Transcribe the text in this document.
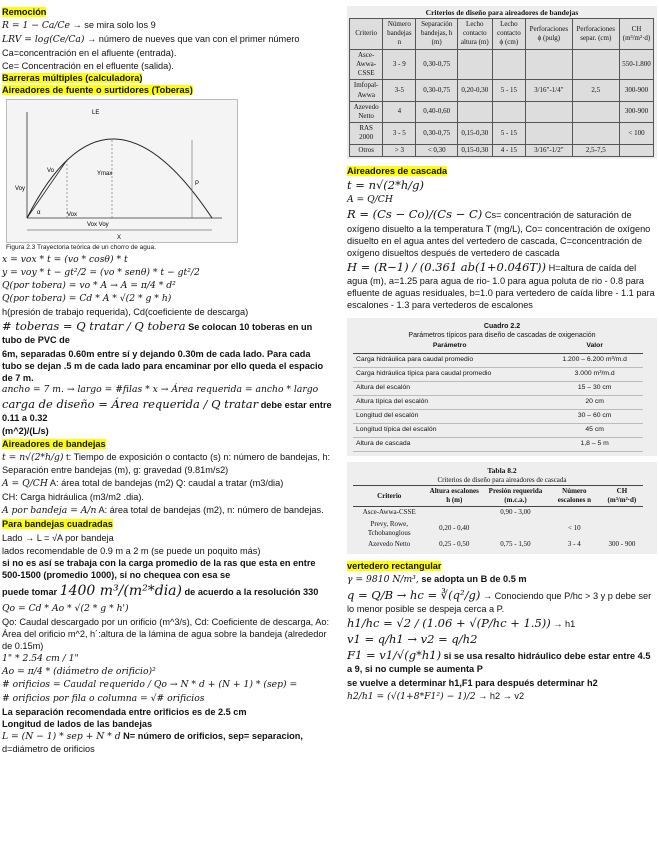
Remoción

R = 1 − Ca/Ce → se mira solo los 9

LRV = log(Ce/Ca) → número de nueves que van con el primer número

Ca=concentración en el afluente (entrada).

Ce= Concentración en el efluente (salida).

Barreras múltiples (calculadora)

Aireadores de fuente o surtidores (Toberas)

LE
Voy
Vo	Ymax
P
Vox
Vox Voy
X
α

Figura 2.3 Trayectoria teórica de un chorro de agua.

x = vox * t = (vo * cosθ) * t

y = voy * t − gt²/2 = (vo * senθ) * t − gt²/2

Q(por tobera) = vo * A → A = π/4 * d²

Q(por tobera) = Cd * A * √(2 * g * h)

h(presión de trabajo requerida), Cd(coeficiente de descarga)

# toberas = Q tratar / Q tobera Se colocan 10 toberas en un tubo de PVC de

6m, separadas 0.60m entre sí y dejando 0.30m de cada lado. Para cada tubo se dejan .5 m de cada lado para encaminar por ello queda el espacio de 7 m.

ancho = 7 m. → largo = #filas * x → Área requerida = ancho * largo

carga de diseño = Área requerida / Q tratar debe estar entre 0.11 a 0.32

(m^2)/(L/s)

Aireadores de bandejas

t = n√(2*h/g) t: Tiempo de exposición o contacto (s) n: número de bandejas, h: Separación entre bandejas (m), g: gravedad (9.81m/s2)

A = Q/CH A: área total de bandejas (m2) Q: caudal a tratar (m3/dia)

CH: Carga hidráulica (m3/m2 .dia).

A por bandeja = A/n A: área total de bandejas (m2), n: número de bandejas.

Para bandejas cuadradas

Lado → L = √A por bandeja

lados recomendable de 0.9 m a 2 m (se puede un poquito más)

si no es así se trabaja con la carga promedio de la ras que esta en entre 500-1500 (promedio 1000), si no chequea con esa se

puede tomar 1400 m³/(m²*dia) de acuerdo a la resolución 330

Qo = Cd * Ao * √(2 * g * h')

Qo: Caudal descargado por un orificio (m^3/s), Cd: Coeficiente de descarga, Ao: Área del orificio m^2, h´:altura de la lámina de agua sobre la bandeja (alrededor de 0.15m)

1" * 2.54 cm / 1"

Ao = π/4 * (diámetro de orificio)²

# orificios = Caudal requerido / Qo → N * d + (N + 1) * (sep) =

# orificios por fila o columna = √# orificios

La separación recomendada entre orificios es de 2.5 cm

Longitud de lados de las bandejas

L = (N − 1) * sep + N * d N= número de orificios, sep= separacion,

d=diámetro de orificios

Criterios de diseño para aireadores de bandejas
Criterio	Número bandejas n	Separación bandejas, h (m)	Lecho contacto altura (m)	Lecho contacto ϕ (cm)	Perforaciones ϕ (pulg)	Perforaciones separ. (cm)	CH (m³/m²·d)
Asce-Awwa-CSSE	3 - 9	0,30-0,75					550-1.800
Imfopal-Awwa	3-5	0,30-0,75	0,20-0,30	5 - 15	3/16"-1/4"	2,5	300-900
Azevedo Netto	4	0,40-0,60					300-900
RAS 2000	3 - 5	0,30-0,75	0,15-0,30	5 - 15			< 100
Otros	> 3	< 0,30	0,15-0,30	4 - 15	3/16"-1/2"	2,5-7,5	

Aireadores de cascada

t = n√(2*h/g)

A = Q/CH

R = (Cs − Co)/(Cs − C) Cs= concentración de saturación de oxígeno disuelto a la temperatura T (mg/L), Co= concentración de oxígeno disuelto en el agua antes del vertedero de cascada, C=concentración de oxígeno disueltos después de vertedero de cascada

H = (R−1) / (0.361 ab(1+0.046T)) H=altura de caída del agua (m), a=1.25 para agua de rio- 1.0 para agua poluta de rio - 0.8 para efluente de aguas residuales, b=1.0 para vertedero de caída libre - 1.1 para escalones - 1.3 para vertederos de escalones

Cuadro 2.2
Parámetros típicos para diseño de cascadas de oxigenación
Parámetro	Valor
Carga hidráulica para caudal promedio	1.200 – 6.200 m³/m.d
Carga hidráulica típica para caudal promedio	3.000 m³/m.d
Altura del escalón	15 – 30 cm
Altura típica del escalón	20 cm
Longitud del escalón	30 – 60 cm
Longitud típica del escalón	45 cm
Altura de cascada	1,8 – 5 m
Tabla 8.2
Criterios de diseño para aireadores de cascada
Criterio	Altura escalones h (m)	Presión requerida (m.c.a.)	Número escalones n	CH (m³/m²·d)
Asce-Awwa-CSSE		0,90 - 3,00		
Prevy, Rowe, Tchobanoglous	0,20 - 0,40		< 10	
Azevedo Netto	0,25 - 0,50	0,75 - 1,50	3 - 4	300 - 900

vertedero rectangular

γ = 9810 N/m³, se adopta un B de 0.5 m

q = Q/B → hc = ∛(q²/g) → Conociendo que P/hc > 3 y p debe ser lo menor posible se despeja cerca a P.

h1/hc = √2 / (1.06 + √(P/hc + 1.5)) → h1

v1 = q/h1 → v2 = q/h2

F1 = v1/√(g*h1) si se usa resalto hidráulico debe estar entre 4.5 a 9, si no cumple se aumenta P

se vuelve a determinar h1,F1 para después determinar h2

h2/h1 = (√(1+8*F1²) − 1)/2 → h2 → v2
